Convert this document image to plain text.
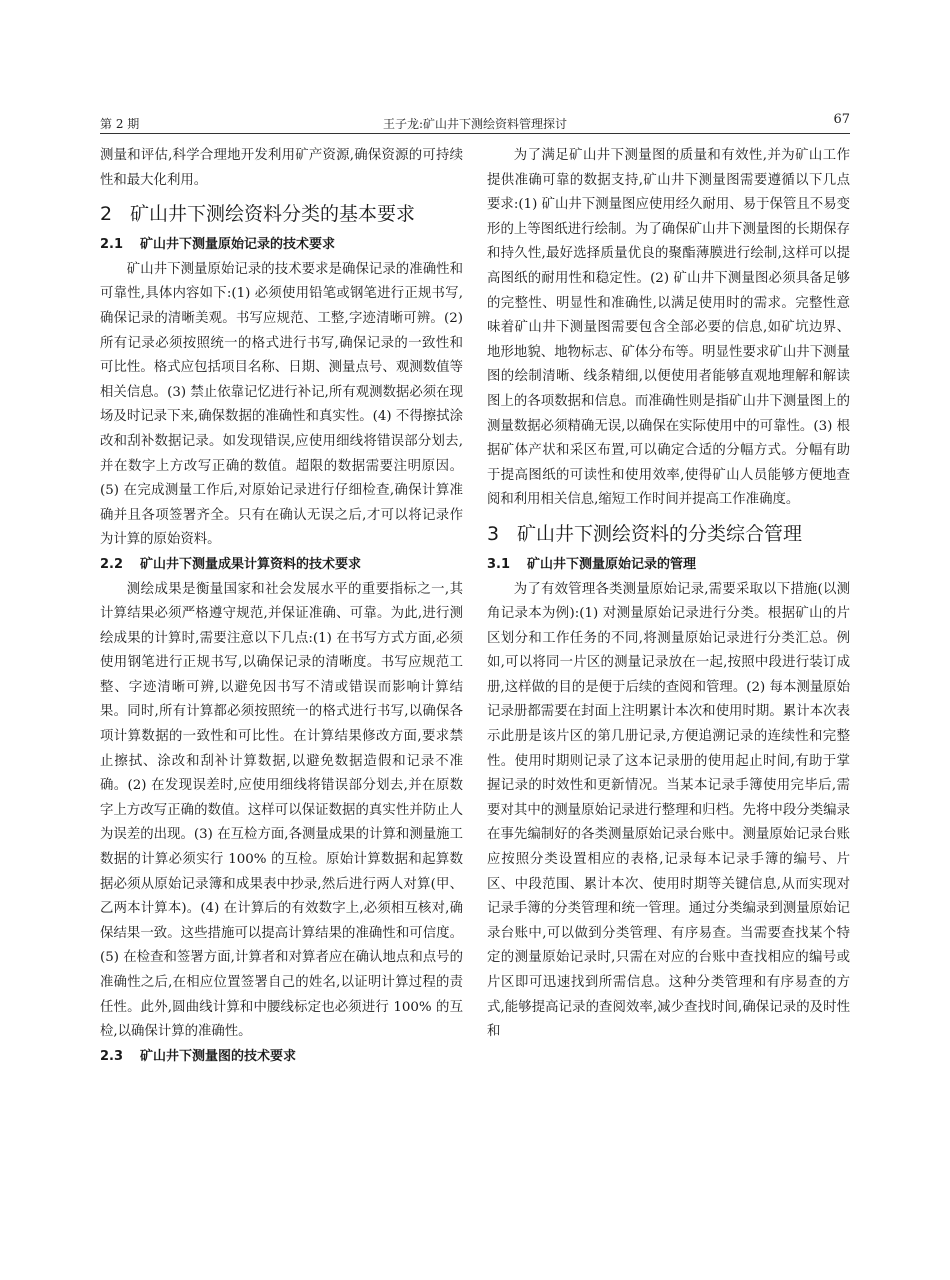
第 2 期	王子龙:矿山井下测绘资料管理探讨	67

测量和评估,科学合理地开发利用矿产资源,确保资源的可持续性和最大化利用。

2 矿山井下测绘资料分类的基本要求
2.1 矿山井下测量原始记录的技术要求

矿山井下测量原始记录的技术要求是确保记录的准确性和可靠性,具体内容如下:(1) 必须使用铅笔或钢笔进行正规书写,确保记录的清晰美观。书写应规范、工整,字迹清晰可辨。(2) 所有记录必须按照统一的格式进行书写,确保记录的一致性和可比性。格式应包括项目名称、日期、测量点号、观测数值等相关信息。(3) 禁止依靠记忆进行补记,所有观测数据必须在现场及时记录下来,确保数据的准确性和真实性。(4) 不得擦拭涂改和刮补数据记录。如发现错误,应使用细线将错误部分划去,并在数字上方改写正确的数值。超限的数据需要注明原因。(5) 在完成测量工作后,对原始记录进行仔细检查,确保计算准确并且各项签署齐全。只有在确认无误之后,才可以将记录作为计算的原始资料。

2.2 矿山井下测量成果计算资料的技术要求

测绘成果是衡量国家和社会发展水平的重要指标之一,其计算结果必须严格遵守规范,并保证准确、可靠。为此,进行测绘成果的计算时,需要注意以下几点:(1) 在书写方式方面,必须使用钢笔进行正规书写,以确保记录的清晰度。书写应规范工整、字迹清晰可辨,以避免因书写不清或错误而影响计算结果。同时,所有计算都必须按照统一的格式进行书写,以确保各项计算数据的一致性和可比性。在计算结果修改方面,要求禁止擦拭、涂改和刮补计算数据,以避免数据造假和记录不准确。(2) 在发现误差时,应使用细线将错误部分划去,并在原数字上方改写正确的数值。这样可以保证数据的真实性并防止人为误差的出现。(3) 在互检方面,各测量成果的计算和测量施工数据的计算必须实行 100% 的互检。原始计算数据和起算数据必须从原始记录簿和成果表中抄录,然后进行两人对算(甲、乙两本计算本)。(4) 在计算后的有效数字上,必须相互核对,确保结果一致。这些措施可以提高计算结果的准确性和可信度。(5) 在检查和签署方面,计算者和对算者应在确认地点和点号的准确性之后,在相应位置签署自己的姓名,以证明计算过程的责任性。此外,圆曲线计算和中腰线标定也必须进行 100% 的互检,以确保计算的准确性。

2.3 矿山井下测量图的技术要求

为了满足矿山井下测量图的质量和有效性,并为矿山工作提供准确可靠的数据支持,矿山井下测量图需要遵循以下几点要求:(1) 矿山井下测量图应使用经久耐用、易于保管且不易变形的上等图纸进行绘制。为了确保矿山井下测量图的长期保存和持久性,最好选择质量优良的聚酯薄膜进行绘制,这样可以提高图纸的耐用性和稳定性。(2) 矿山井下测量图必须具备足够的完整性、明显性和准确性,以满足使用时的需求。完整性意味着矿山井下测量图需要包含全部必要的信息,如矿坑边界、地形地貌、地物标志、矿体分布等。明显性要求矿山井下测量图的绘制清晰、线条精细,以便使用者能够直观地理解和解读图上的各项数据和信息。而准确性则是指矿山井下测量图上的测量数据必须精确无误,以确保在实际使用中的可靠性。(3) 根据矿体产状和采区布置,可以确定合适的分幅方式。分幅有助于提高图纸的可读性和使用效率,使得矿山人员能够方便地查阅和利用相关信息,缩短工作时间并提高工作准确度。

3 矿山井下测绘资料的分类综合管理
3.1 矿山井下测量原始记录的管理

为了有效管理各类测量原始记录,需要采取以下措施(以测角记录本为例):(1) 对测量原始记录进行分类。根据矿山的片区划分和工作任务的不同,将测量原始记录进行分类汇总。例如,可以将同一片区的测量记录放在一起,按照中段进行装订成册,这样做的目的是便于后续的查阅和管理。(2) 每本测量原始记录册都需要在封面上注明累计本次和使用时期。累计本次表示此册是该片区的第几册记录,方便追溯记录的连续性和完整性。使用时期则记录了这本记录册的使用起止时间,有助于掌握记录的时效性和更新情况。当某本记录手簿使用完毕后,需要对其中的测量原始记录进行整理和归档。先将中段分类编录在事先编制好的各类测量原始记录台账中。测量原始记录台账应按照分类设置相应的表格,记录每本记录手簿的编号、片区、中段范围、累计本次、使用时期等关键信息,从而实现对记录手簿的分类管理和统一管理。通过分类编录到测量原始记录台账中,可以做到分类管理、有序易查。当需要查找某个特定的测量原始记录时,只需在对应的台账中查找相应的编号或片区即可迅速找到所需信息。这种分类管理和有序易查的方式,能够提高记录的查阅效率,减少查找时间,确保记录的及时性和
